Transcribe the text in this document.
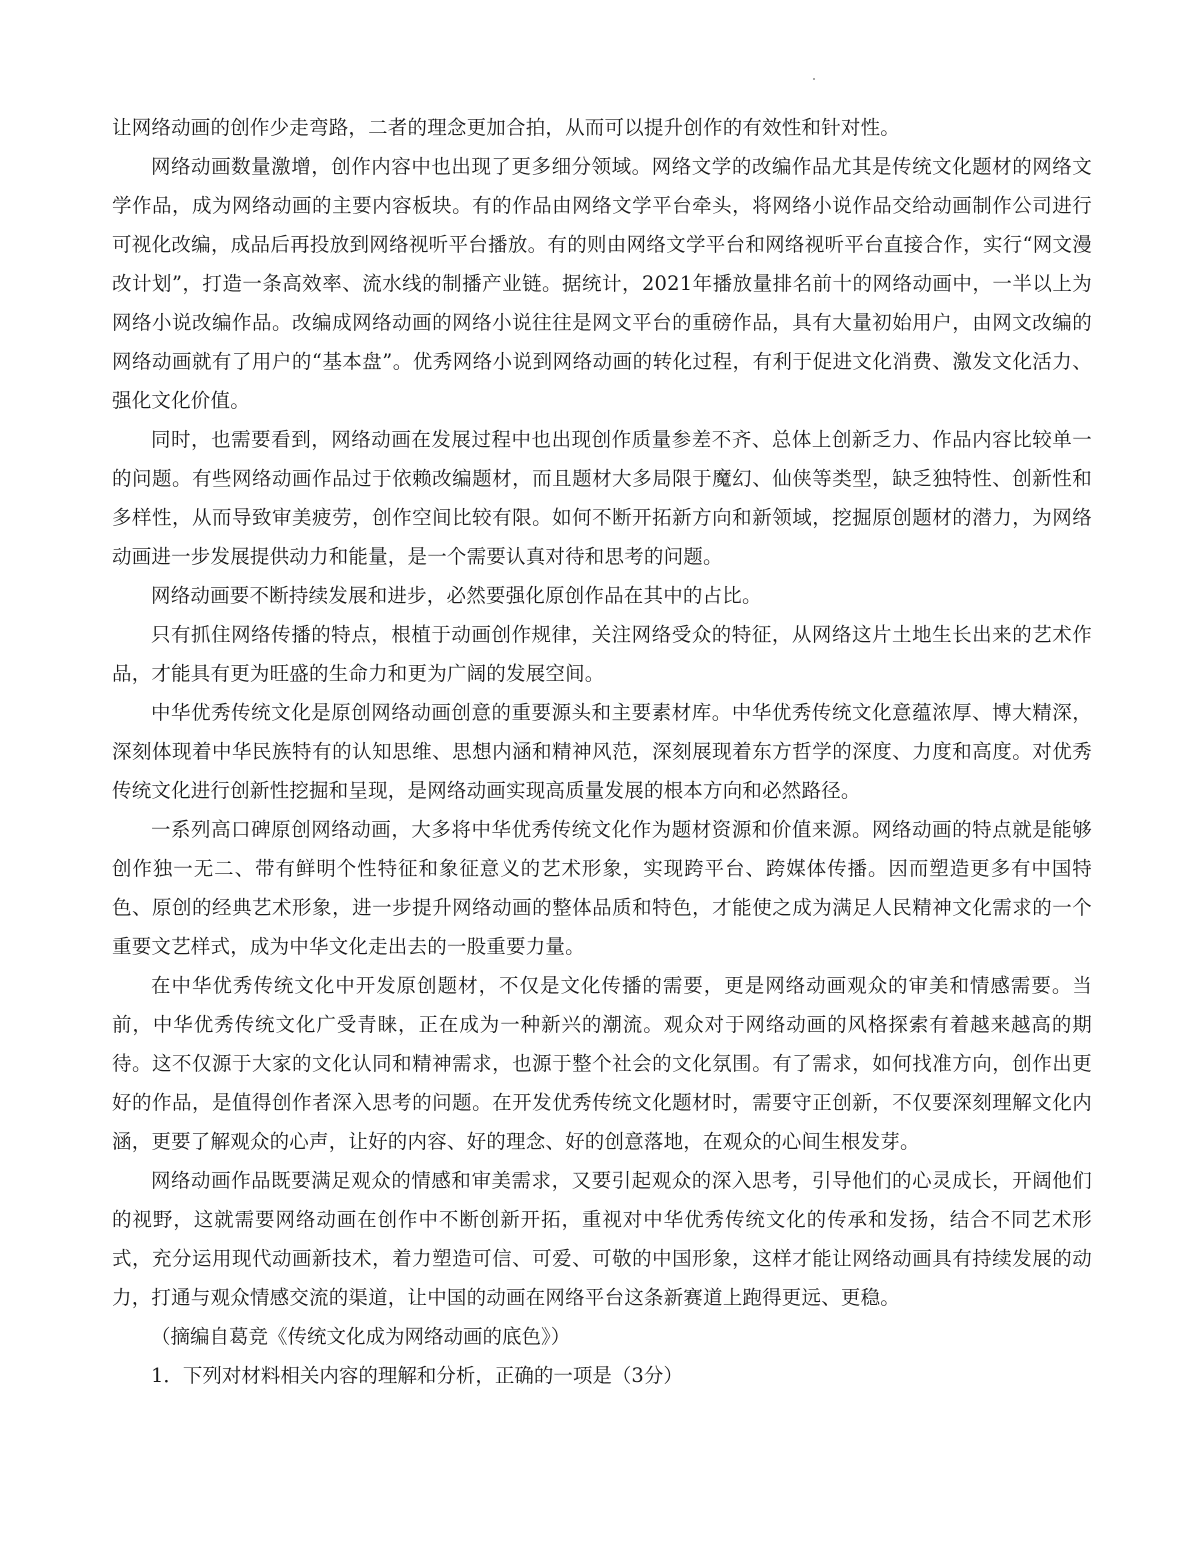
让网络动画的创作少走弯路，二者的理念更加合拍，从而可以提升创作的有效性和针对性。

网络动画数量激增，创作内容中也出现了更多细分领域。网络文学的改编作品尤其是传统文化题材的网络文学作品，成为网络动画的主要内容板块。有的作品由网络文学平台牵头，将网络小说作品交给动画制作公司进行可视化改编，成品后再投放到网络视听平台播放。有的则由网络文学平台和网络视听平台直接合作，实行“网文漫改计划”，打造一条高效率、流水线的制播产业链。据统计，2021年播放量排名前十的网络动画中，一半以上为网络小说改编作品。改编成网络动画的网络小说往往是网文平台的重磅作品，具有大量初始用户，由网文改编的网络动画就有了用户的“基本盘”。优秀网络小说到网络动画的转化过程，有利于促进文化消费、激发文化活力、强化文化价值。

同时，也需要看到，网络动画在发展过程中也出现创作质量参差不齐、总体上创新乏力、作品内容比较单一的问题。有些网络动画作品过于依赖改编题材，而且题材大多局限于魔幻、仙侠等类型，缺乏独特性、创新性和多样性，从而导致审美疲劳，创作空间比较有限。如何不断开拓新方向和新领域，挖掘原创题材的潜力，为网络动画进一步发展提供动力和能量，是一个需要认真对待和思考的问题。

网络动画要不断持续发展和进步，必然要强化原创作品在其中的占比。

只有抓住网络传播的特点，根植于动画创作规律，关注网络受众的特征，从网络这片土地生长出来的艺术作品，才能具有更为旺盛的生命力和更为广阔的发展空间。

中华优秀传统文化是原创网络动画创意的重要源头和主要素材库。中华优秀传统文化意蕴浓厚、博大精深，深刻体现着中华民族特有的认知思维、思想内涵和精神风范，深刻展现着东方哲学的深度、力度和高度。对优秀传统文化进行创新性挖掘和呈现，是网络动画实现高质量发展的根本方向和必然路径。

一系列高口碑原创网络动画，大多将中华优秀传统文化作为题材资源和价值来源。网络动画的特点就是能够创作独一无二、带有鲜明个性特征和象征意义的艺术形象，实现跨平台、跨媒体传播。因而塑造更多有中国特色、原创的经典艺术形象，进一步提升网络动画的整体品质和特色，才能使之成为满足人民精神文化需求的一个重要文艺样式，成为中华文化走出去的一股重要力量。

在中华优秀传统文化中开发原创题材，不仅是文化传播的需要，更是网络动画观众的审美和情感需要。当前，中华优秀传统文化广受青睐，正在成为一种新兴的潮流。观众对于网络动画的风格探索有着越来越高的期待。这不仅源于大家的文化认同和精神需求，也源于整个社会的文化氛围。有了需求，如何找准方向，创作出更好的作品，是值得创作者深入思考的问题。在开发优秀传统文化题材时，需要守正创新，不仅要深刻理解文化内涵，更要了解观众的心声，让好的内容、好的理念、好的创意落地，在观众的心间生根发芽。

网络动画作品既要满足观众的情感和审美需求，又要引起观众的深入思考，引导他们的心灵成长，开阔他们的视野，这就需要网络动画在创作中不断创新开拓，重视对中华优秀传统文化的传承和发扬，结合不同艺术形式，充分运用现代动画新技术，着力塑造可信、可爱、可敬的中国形象，这样才能让网络动画具有持续发展的动力，打通与观众情感交流的渠道，让中国的动画在网络平台这条新赛道上跑得更远、更稳。

（摘编自葛竞《传统文化成为网络动画的底色》）

1．下列对材料相关内容的理解和分析，正确的一项是（3分）
